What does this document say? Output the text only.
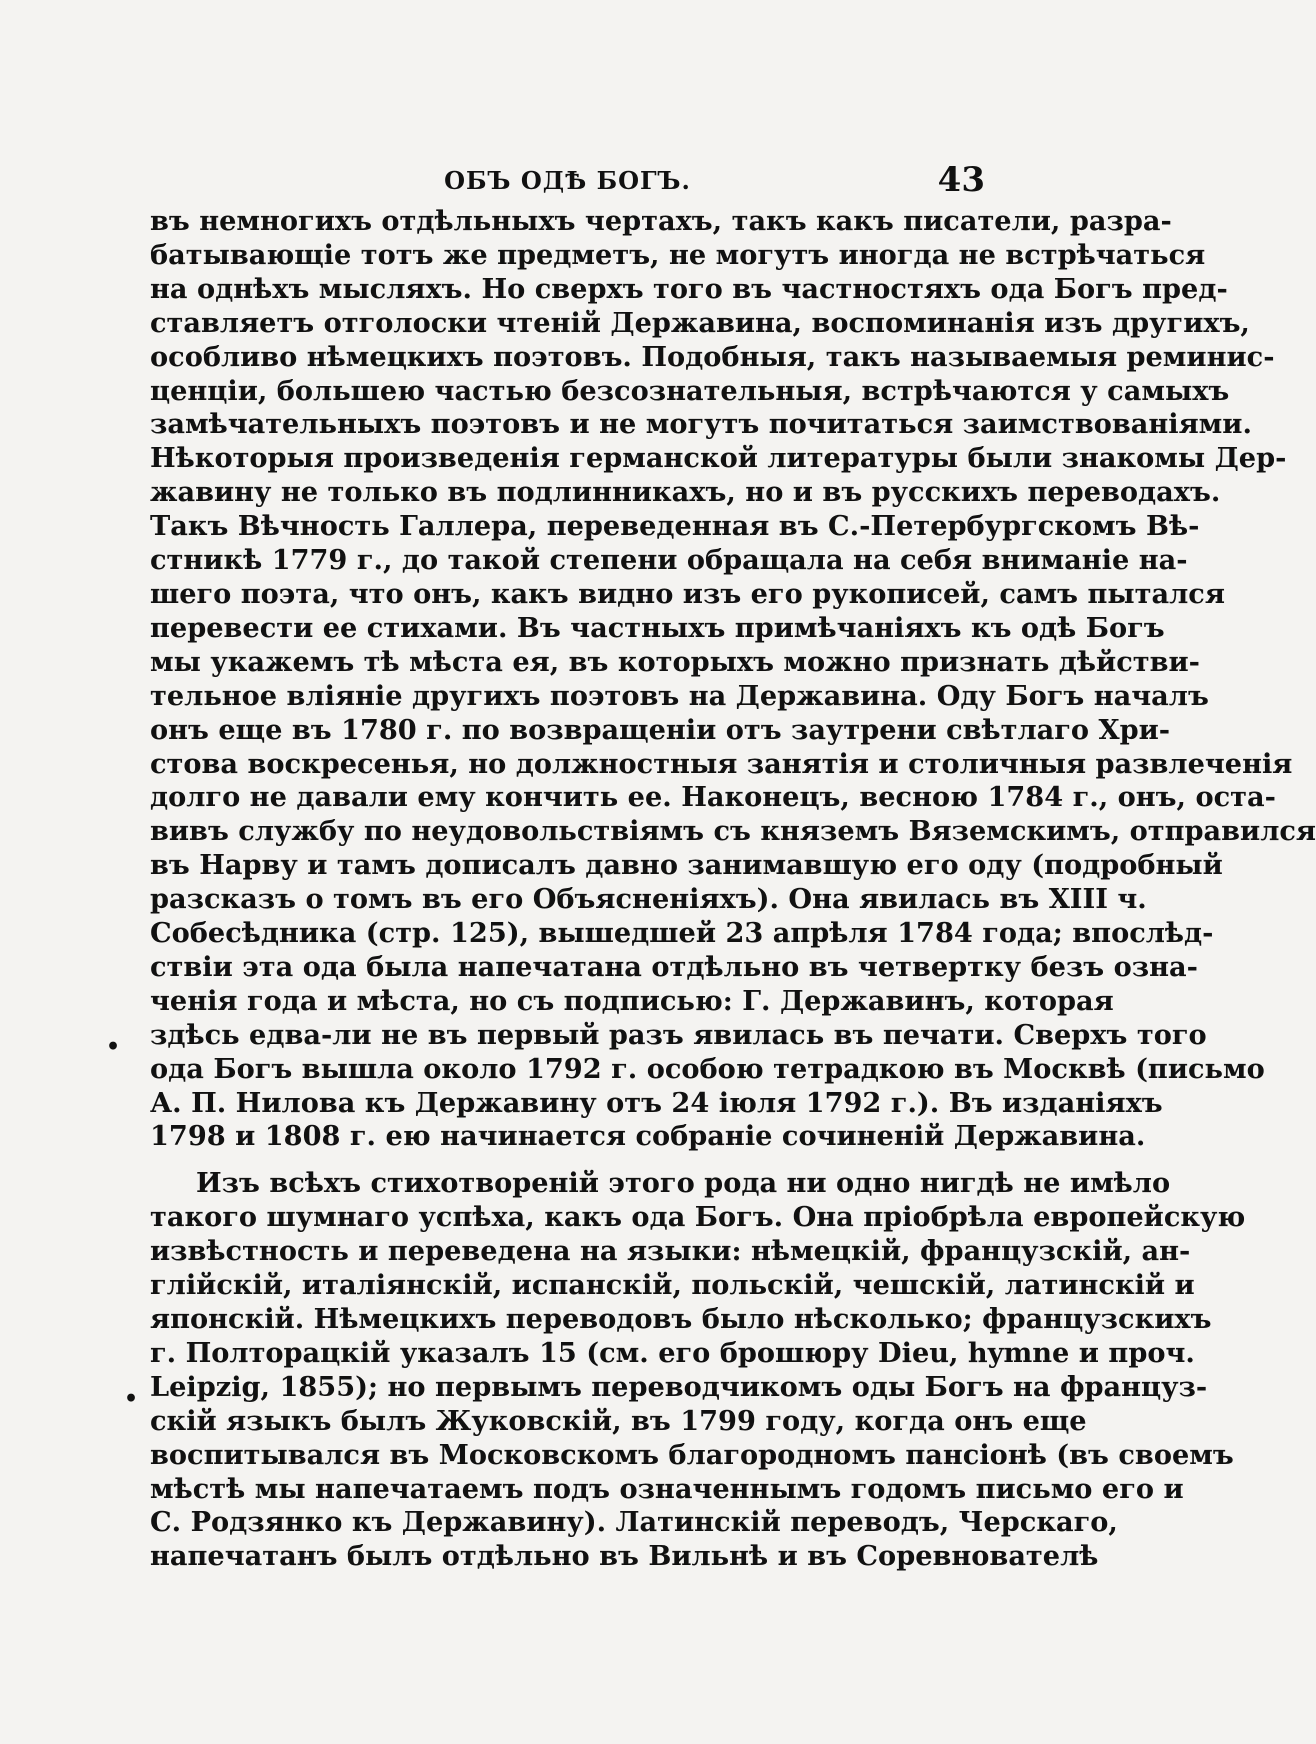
ОБЪ ОДѢ БОГЪ.	43
въ немногихъ отдѣльныхъ чертахъ, такъ какъ писатели, разра-
батывающіе тотъ же предметъ, не могутъ иногда не встрѣчаться
на однѣхъ мысляхъ. Но сверхъ того въ частностяхъ ода Богъ пред-
ставляетъ отголоски чтеній Державина, воспоминанія изъ другихъ,
особливо нѣмецкихъ поэтовъ. Подобныя, такъ называемыя реминис-
ценціи, большею частью безсознательныя, встрѣчаются у самыхъ
замѣчательныхъ поэтовъ и не могутъ почитаться заимствованіями.
Нѣкоторыя произведенія германской литературы были знакомы Дер-
жавину не только въ подлинникахъ, но и въ русскихъ переводахъ.
Такъ Вѣчность Галлера, переведенная въ С.-Петербургскомъ Вѣ-
стникѣ 1779 г., до такой степени обращала на себя вниманіе на-
шего поэта, что онъ, какъ видно изъ его рукописей, самъ пытался
перевести ее стихами. Въ частныхъ примѣчаніяхъ къ одѣ Богъ
мы укажемъ тѣ мѣста ея, въ которыхъ можно признать дѣйстви-
тельное вліяніе другихъ поэтовъ на Державина. Оду Богъ началъ
онъ еще въ 1780 г. по возвращеніи отъ заутрени свѣтлаго Хри-
стова воскресенья, но должностныя занятія и столичныя развлеченія
долго не давали ему кончить ее. Наконецъ, весною 1784 г., онъ, оста-
вивъ службу по неудовольствіямъ съ княземъ Вяземскимъ, отправился
въ Нарву и тамъ дописалъ давно занимавшую его оду (подробный
разсказъ о томъ въ его Объясненіяхъ). Она явилась въ XIII ч.
Собесѣдника (стр. 125), вышедшей 23 апрѣля 1784 года; впослѣд-
ствіи эта ода была напечатана отдѣльно въ четвертку безъ озна-
ченія года и мѣста, но съ подписью: Г. Державинъ, которая
здѣсь едва-ли не въ первый разъ явилась въ печати. Сверхъ того
ода Богъ вышла около 1792 г. особою тетрадкою въ Москвѣ (письмо
А. П. Нилова къ Державину отъ 24 іюля 1792 г.). Въ изданіяхъ
1798 и 1808 г. ею начинается собраніе сочиненій Державина.
Изъ всѣхъ стихотвореній этого рода ни одно нигдѣ не имѣло
такого шумнаго успѣха, какъ ода Богъ. Она пріобрѣла европейскую
извѣстность и переведена на языки: нѣмецкій, французскій, ан-
глійскій, италіянскій, испанскій, польскій, чешскій, латинскій и
японскій. Нѣмецкихъ переводовъ было нѣсколько; французскихъ
г. Полторацкій указалъ 15 (см. его брошюру Dieu, hymne и проч.
Leipzig, 1855); но первымъ переводчикомъ оды Богъ на француз-
скій языкъ былъ Жуковскій, въ 1799 году, когда онъ еще
воспитывался въ Московскомъ благородномъ пансіонѣ (въ своемъ
мѣстѣ мы напечатаемъ подъ означеннымъ годомъ письмо его и
С. Родзянко къ Державину). Латинскій переводъ, Черскаго,
напечатанъ былъ отдѣльно въ Вильнѣ и въ Соревнователѣ
•
•
